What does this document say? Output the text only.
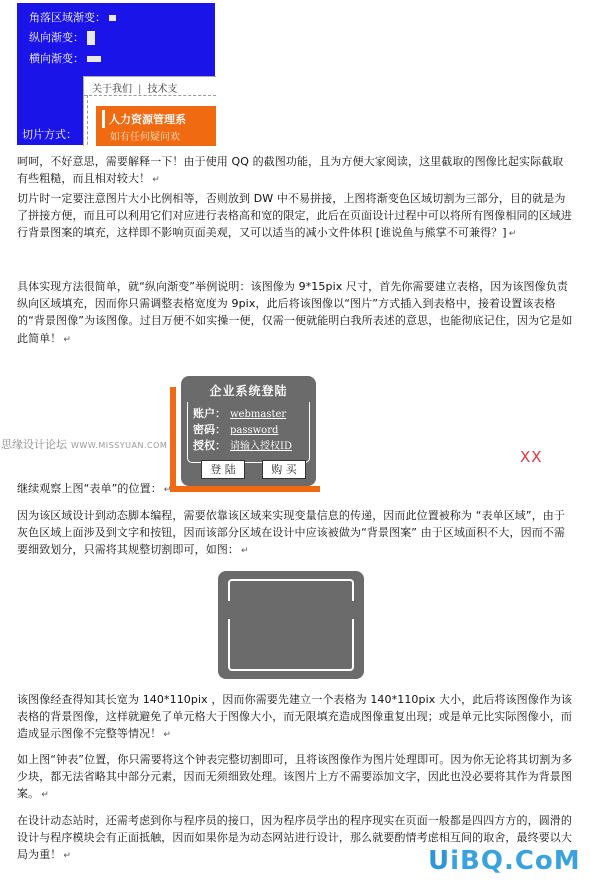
角落区域渐变：
纵向渐变：
横向渐变：
关于我们 | 技术支
人力资源管理系
如有任何疑问欢
切片方式：

呵呵，不好意思，需要解释一下！由于使用 QQ 的截图功能，且为方便大家阅读，这里截取的图像比起实际截取有些粗糙，而且相对较大！ ↵

切片时一定要注意图片大小比例相等，否则放到 DW 中不易拼接，上图将渐变色区域切割为三部分，目的就是为了拼接方便，而且可以利用它们对应进行表格高和宽的限定，此后在页面设计过程中可以将所有图像相同的区域进行背景图案的填充，这样即不影响页面美观，又可以适当的减小文件体积 [谁说鱼与熊掌不可兼得？] ↵

具体实现方法很简单，就“纵向渐变”举例说明：该图像为 9*15pix 尺寸，首先你需要建立表格，因为该图像负责纵向区域填充，因而你只需调整表格宽度为 9pix，此后将该图像以“图片”方式插入到表格中，接着设置该表格的“背景图像”为该图像。过目万便不如实操一便，仅需一便就能明白我所表述的意思，也能彻底记住，因为它是如此简单！ ↵

思缘设计论坛 WWW.MISSYUAN.COM
企业系统登陆
账户： webmaster
密码： password
授权： 请输入授权ID
登 陆	购 买
XX

继续观察上图“表单”的位置： ↵

因为该区域设计到动态脚本编程，需要依靠该区域来实现变量信息的传递，因而此位置被称为 “表单区域”，由于灰色区域上面涉及到文字和按钮，因而该部分区域在设计中应该被做为“背景图案” 由于区域面积不大，因而不需要细致划分，只需将其规整切割即可，如图： ↵

该图像经查得知其长宽为 140*110pix ，因而你需要先建立一个表格为 140*110pix 大小，此后将该图像作为该表格的背景图像，这样就避免了单元格大于图像大小，而无限填充造成图像重复出现；或是单元比实际图像小，而造成显示图像不完整等情况！ ↵

如上图“钟表”位置，你只需要将这个钟表完整切割即可，且将该图像作为图片处理即可。因为你无论将其切割为多少块，都无法省略其中部分元素，因而无须细致处理。该图片上方不需要添加文字，因此也没必要将其作为背景图案。 ↵

在设计动态站时，还需考虑到你与程序员的接口，因为程序员学出的程序现实在页面一般都是四四方方的，圆滑的设计与程序模块会有正面抵触，因而如果你是为动态网站进行设计，那么就要酌情考虑相互间的取舍，最终要以大局为重！ ↵	UiBQ.CoM
